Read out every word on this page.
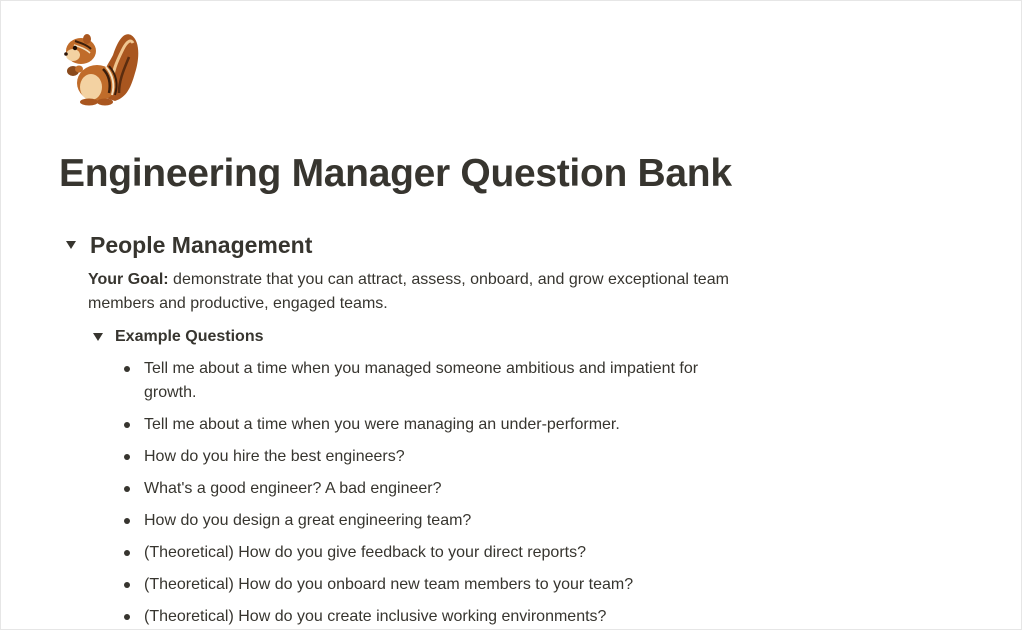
Engineering Manager Question Bank
People Management

Your Goal: demonstrate that you can attract, assess, onboard, and grow exceptional team members and productive, engaged teams.

Example Questions
Tell me about a time when you managed someone ambitious and impatient for growth.
Tell me about a time when you were managing an under-performer.
How do you hire the best engineers?
What's a good engineer? A bad engineer?
How do you design a great engineering team?
(Theoretical) How do you give feedback to your direct reports?
(Theoretical) How do you onboard new team members to your team?
(Theoretical) How do you create inclusive working environments?
